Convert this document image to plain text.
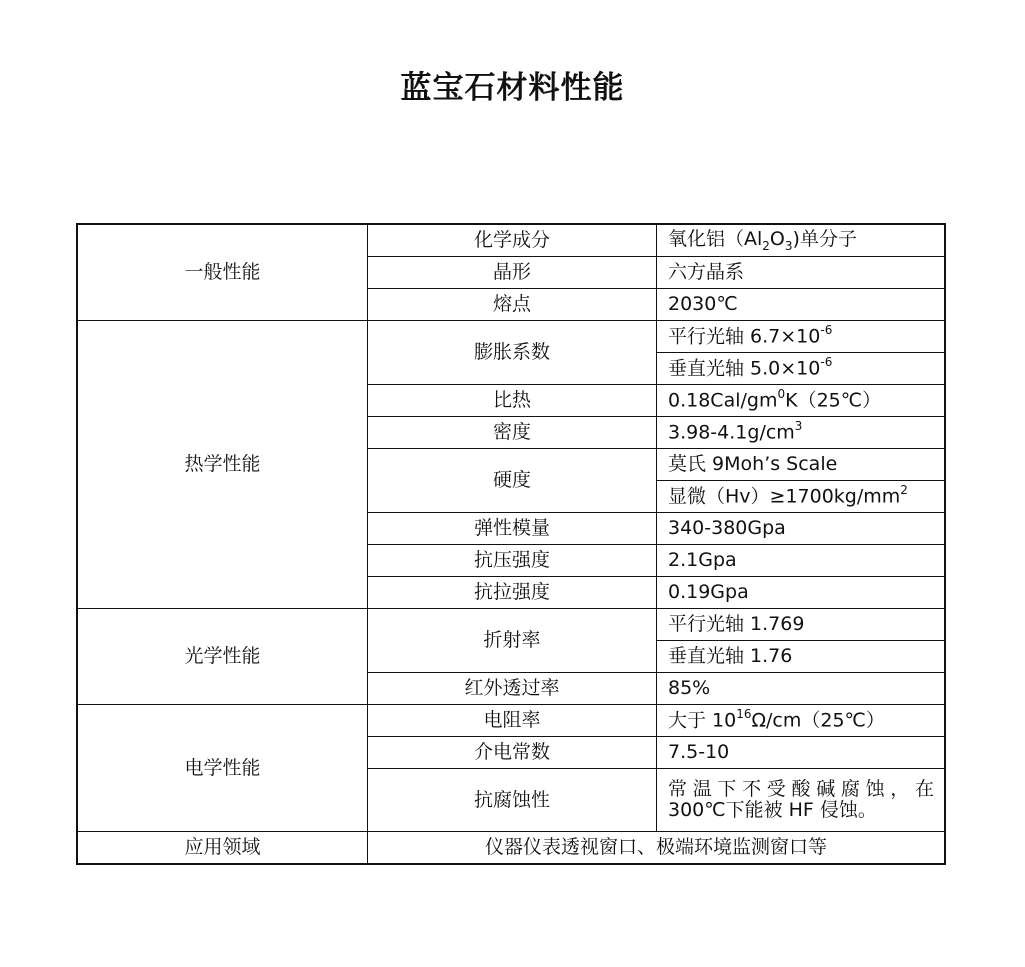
蓝宝石材料性能
一般性能	化学成分	氧化铝$(Al_2O_3)$单分子
	晶形	六方晶系
	熔点	2030℃
热学性能	膨胀系数	平行光轴 $6.7\times 10^{-6}$
		垂直光轴 $5.0\times 10^{-6}$
	比热	$0.18Cal/gm^0K(25℃)$
	密度	$3.98-4.1g/cm^3$
	硬度	莫氏 9Moh’s Scale
		显微$(Hv)\ge 1700kg/mm^2$
	弹性模量	340-380Gpa
	抗压强度	2.1Gpa
	抗拉强度	0.19Gpa
光学性能	折射率	平行光轴 1.769
		垂直光轴 1.76
	红外透过率	85%
电学性能	电阻率	大于 $10^{16}\Omega/cm(25℃)$
	介电常数	7.5-10
	抗腐蚀性	常温下不受酸碱腐蚀，在300℃下能被 HF 侵蚀。
应用领域	仪器仪表透视窗口、极端环境监测窗口等	
